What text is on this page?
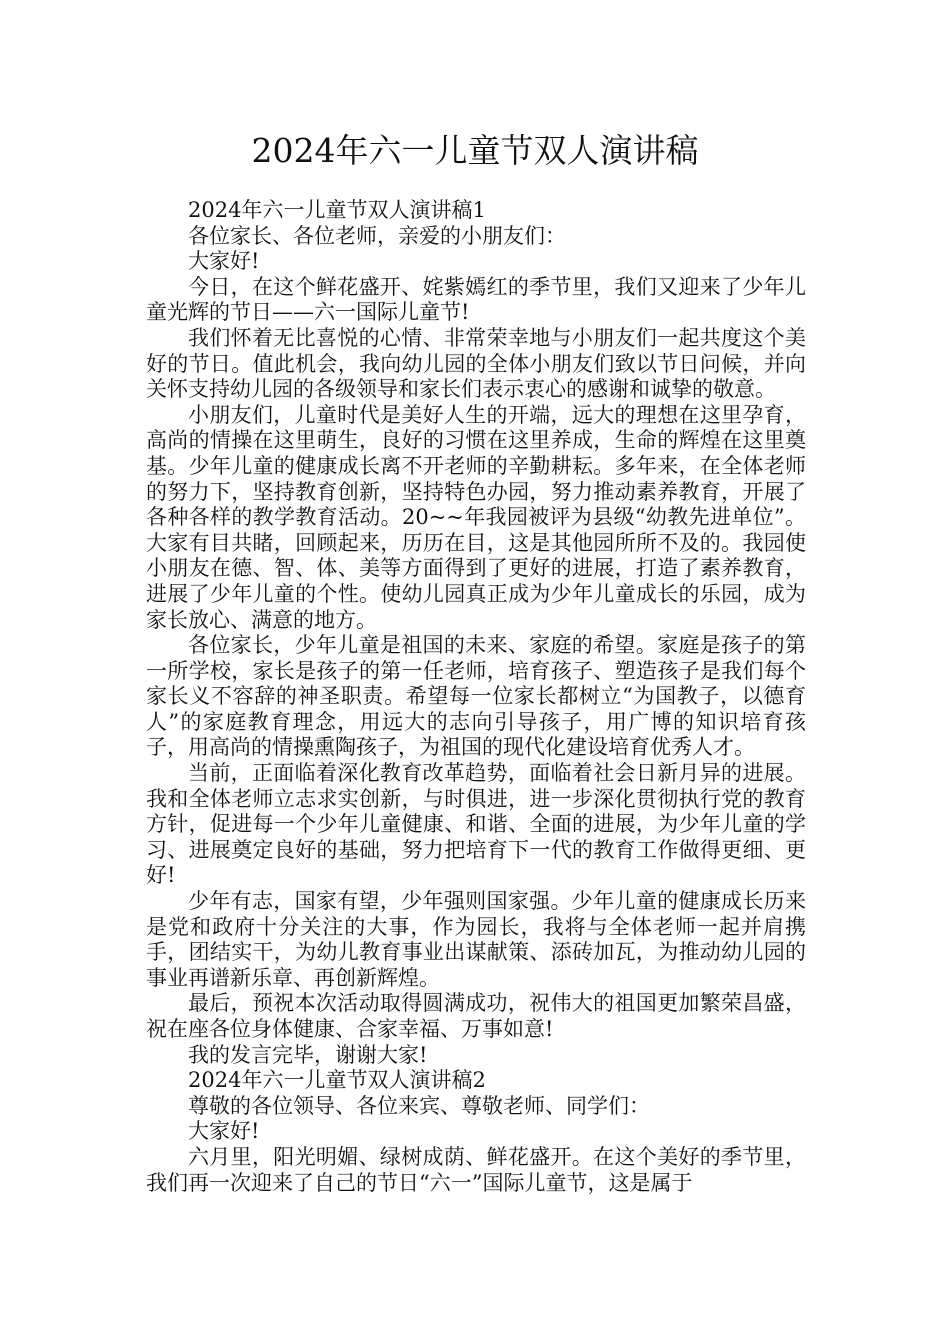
2024年六一儿童节双人演讲稿

2024年六一儿童节双人演讲稿1

各位家长、各位老师，亲爱的小朋友们：

大家好!

今日，在这个鲜花盛开、姹紫嫣红的季节里，我们又迎来了少年儿童光辉的节日——六一国际儿童节!

我们怀着无比喜悦的心情、非常荣幸地与小朋友们一起共度这个美好的节日。值此机会，我向幼儿园的全体小朋友们致以节日问候，并向关怀支持幼儿园的各级领导和家长们表示衷心的感谢和诚挚的敬意。

小朋友们，儿童时代是美好人生的开端，远大的理想在这里孕育，高尚的情操在这里萌生，良好的习惯在这里养成，生命的辉煌在这里奠基。少年儿童的健康成长离不开老师的辛勤耕耘。多年来，在全体老师的努力下，坚持教育创新，坚持特色办园，努力推动素养教育，开展了各种各样的教学教育活动。20~~年我园被评为县级“幼教先进单位”。大家有目共睹，回顾起来，历历在目，这是其他园所所不及的。我园使小朋友在德、智、体、美等方面得到了更好的进展，打造了素养教育，进展了少年儿童的个性。使幼儿园真正成为少年儿童成长的乐园，成为家长放心、满意的地方。

各位家长，少年儿童是祖国的未来、家庭的希望。家庭是孩子的第一所学校，家长是孩子的第一任老师，培育孩子、塑造孩子是我们每个家长义不容辞的神圣职责。希望每一位家长都树立“为国教子，以德育人”的家庭教育理念，用远大的志向引导孩子，用广博的知识培育孩子，用高尚的情操熏陶孩子，为祖国的现代化建设培育优秀人才。

当前，正面临着深化教育改革趋势，面临着社会日新月异的进展。我和全体老师立志求实创新，与时俱进，进一步深化贯彻执行党的教育方针，促进每一个少年儿童健康、和谐、全面的进展，为少年儿童的学习、进展奠定良好的基础，努力把培育下一代的教育工作做得更细、更好!

少年有志，国家有望，少年强则国家强。少年儿童的健康成长历来是党和政府十分关注的大事，作为园长，我将与全体老师一起并肩携手，团结实干，为幼儿教育事业出谋献策、添砖加瓦，为推动幼儿园的事业再谱新乐章、再创新辉煌。

最后，预祝本次活动取得圆满成功，祝伟大的祖国更加繁荣昌盛，祝在座各位身体健康、合家幸福、万事如意!

我的发言完毕，谢谢大家!

2024年六一儿童节双人演讲稿2

尊敬的各位领导、各位来宾、尊敬老师、同学们：

大家好!

六月里，阳光明媚、绿树成荫、鲜花盛开。在这个美好的季节里，我们再一次迎来了自己的节日“六一”国际儿童节，这是属于
